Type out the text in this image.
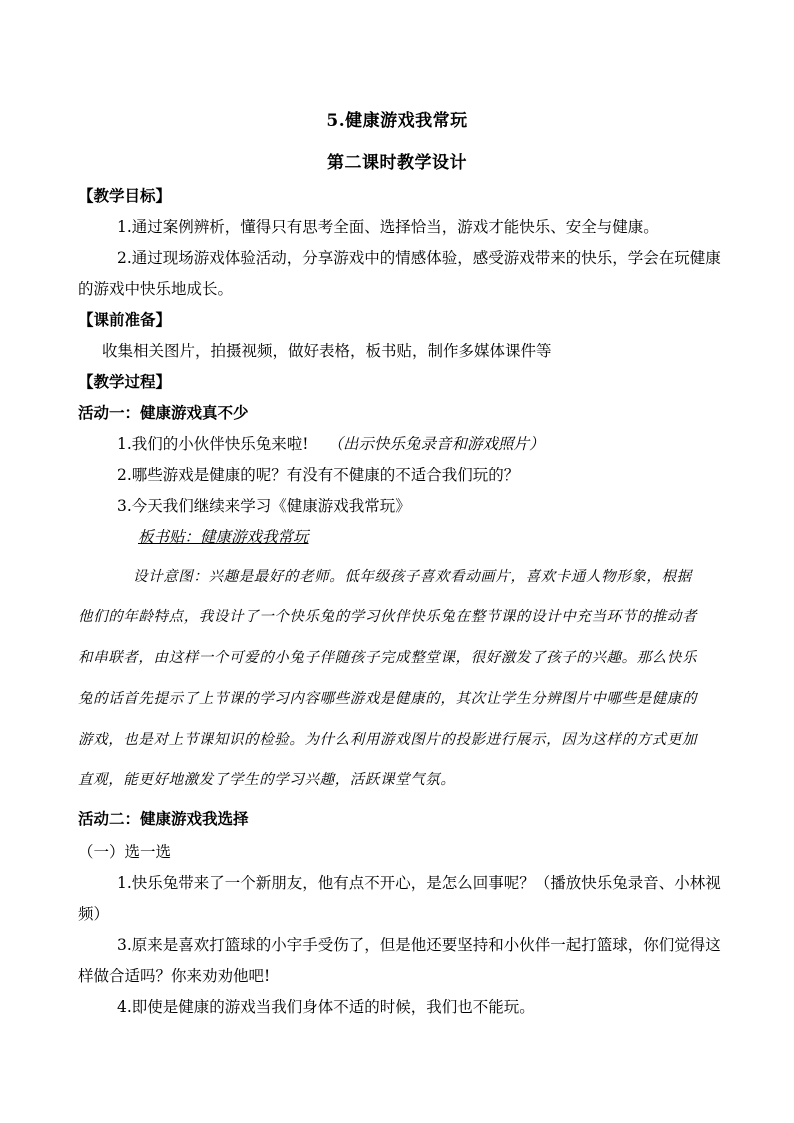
5.健康游戏我常玩
第二课时教学设计
【教学目标】
1.通过案例辨析，懂得只有思考全面、选择恰当，游戏才能快乐、安全与健康。
2.通过现场游戏体验活动，分享游戏中的情感体验，感受游戏带来的快乐，学会在玩健康
的游戏中快乐地成长。
【课前准备】
收集相关图片，拍摄视频，做好表格，板书贴，制作多媒体课件等
【教学过程】
活动一：健康游戏真不少
1.我们的小伙伴快乐兔来啦! （出示快乐兔录音和游戏照片）
2.哪些游戏是健康的呢？有没有不健康的不适合我们玩的？
3.今天我们继续来学习《健康游戏我常玩》
板书贴：健康游戏我常玩
设计意图：兴趣是最好的老师。低年级孩子喜欢看动画片，喜欢卡通人物形象，根据
他们的年龄特点，我设计了一个快乐兔的学习伙伴快乐兔在整节课的设计中充当环节的推动者
和串联者，由这样一个可爱的小兔子伴随孩子完成整堂课，很好激发了孩子的兴趣。那么快乐
兔的话首先提示了上节课的学习内容哪些游戏是健康的，其次让学生分辨图片中哪些是健康的
游戏，也是对上节课知识的检验。为什么利用游戏图片的投影进行展示，因为这样的方式更加
直观，能更好地激发了学生的学习兴趣，活跃课堂气氛。
活动二：健康游戏我选择
（一）选一选
1.快乐兔带来了一个新朋友，他有点不开心，是怎么回事呢？（播放快乐兔录音、小林视
频）
3.原来是喜欢打篮球的小宇手受伤了，但是他还要坚持和小伙伴一起打篮球，你们觉得这
样做合适吗？你来劝劝他吧!
4.即使是健康的游戏当我们身体不适的时候，我们也不能玩。
